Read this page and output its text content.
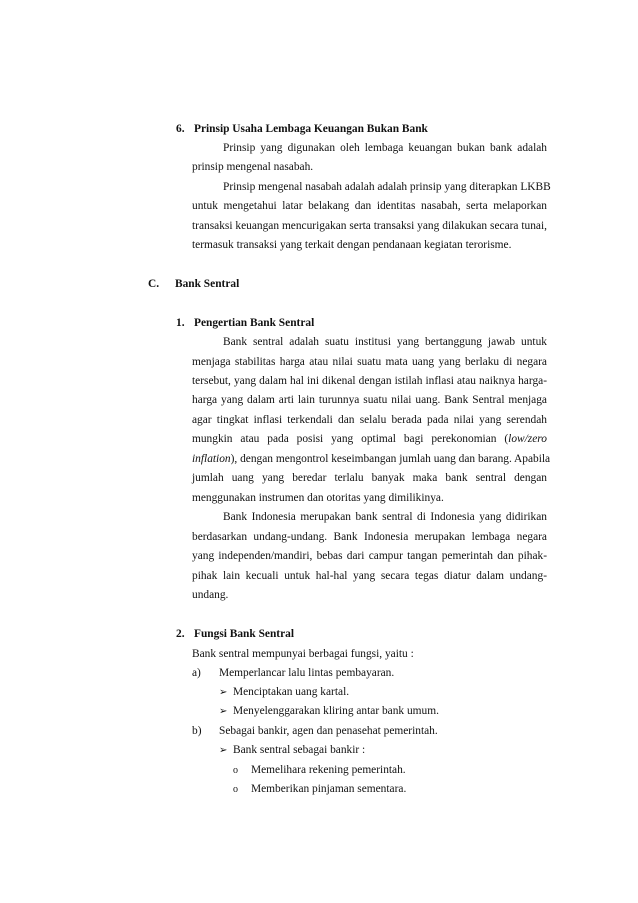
6. Prinsip Usaha Lembaga Keuangan Bukan Bank
Prinsip yang digunakan oleh lembaga keuangan bukan bank adalah
prinsip mengenal nasabah.
Prinsip mengenal nasabah adalah adalah prinsip yang diterapkan LKBB
untuk mengetahui latar belakang dan identitas nasabah, serta melaporkan
transaksi keuangan mencurigakan serta transaksi yang dilakukan secara tunai,
termasuk transaksi yang terkait dengan pendanaan kegiatan terorisme.
C. Bank Sentral
1. Pengertian Bank Sentral
Bank sentral adalah suatu institusi yang bertanggung jawab untuk
menjaga stabilitas harga atau nilai suatu mata uang yang berlaku di negara
tersebut, yang dalam hal ini dikenal dengan istilah inflasi atau naiknya harga-
harga yang dalam arti lain turunnya suatu nilai uang. Bank Sentral menjaga
agar tingkat inflasi terkendali dan selalu berada pada nilai yang serendah
mungkin atau pada posisi yang optimal bagi perekonomian ( low/zero
inflation ), dengan mengontrol keseimbangan jumlah uang dan barang. Apabila
jumlah uang yang beredar terlalu banyak maka bank sentral dengan
menggunakan instrumen dan otoritas yang dimilikinya.
Bank Indonesia merupakan bank sentral di Indonesia yang didirikan
berdasarkan undang-undang. Bank Indonesia merupakan lembaga negara
yang independen/mandiri, bebas dari campur tangan pemerintah dan pihak-
pihak lain kecuali untuk hal-hal yang secara tegas diatur dalam undang-
undang.
2. Fungsi Bank Sentral
Bank sentral mempunyai berbagai fungsi, yaitu :
a) Memperlancar lalu lintas pembayaran.
➢ Menciptakan uang kartal.
➢ Menyelenggarakan kliring antar bank umum.
b) Sebagai bankir, agen dan penasehat pemerintah.
➢ Bank sentral sebagai bankir :
o Memelihara rekening pemerintah.
o Memberikan pinjaman sementara.
